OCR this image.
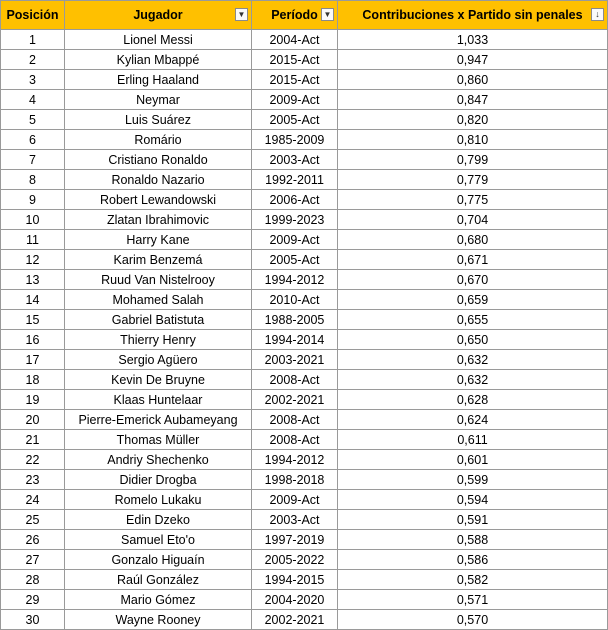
Posición	Jugador ▼	Período ▼	Contribuciones x Partido sin penales ↓

1	Lionel Messi	2004-Act	1,033
2	Kylian Mbappé	2015-Act	0,947
3	Erling Haaland	2015-Act	0,860
4	Neymar	2009-Act	0,847
5	Luis Suárez	2005-Act	0,820
6	Romário	1985-2009	0,810
7	Cristiano Ronaldo	2003-Act	0,799
8	Ronaldo Nazario	1992-2011	0,779
9	Robert Lewandowski	2006-Act	0,775
10	Zlatan Ibrahimovic	1999-2023	0,704
11	Harry Kane	2009-Act	0,680
12	Karim Benzemá	2005-Act	0,671
13	Ruud Van Nistelrooy	1994-2012	0,670
14	Mohamed Salah	2010-Act	0,659
15	Gabriel Batistuta	1988-2005	0,655
16	Thierry Henry	1994-2014	0,650
17	Sergio Agüero	2003-2021	0,632
18	Kevin De Bruyne	2008-Act	0,632
19	Klaas Huntelaar	2002-2021	0,628
20	Pierre-Emerick Aubameyang	2008-Act	0,624
21	Thomas Müller	2008-Act	0,611
22	Andriy Shechenko	1994-2012	0,601
23	Didier Drogba	1998-2018	0,599
24	Romelo Lukaku	2009-Act	0,594
25	Edin Dzeko	2003-Act	0,591
26	Samuel Eto'o	1997-2019	0,588
27	Gonzalo Higuaín	2005-2022	0,586
28	Raúl González	1994-2015	0,582
29	Mario Gómez	2004-2020	0,571
30	Wayne Rooney	2002-2021	0,570
